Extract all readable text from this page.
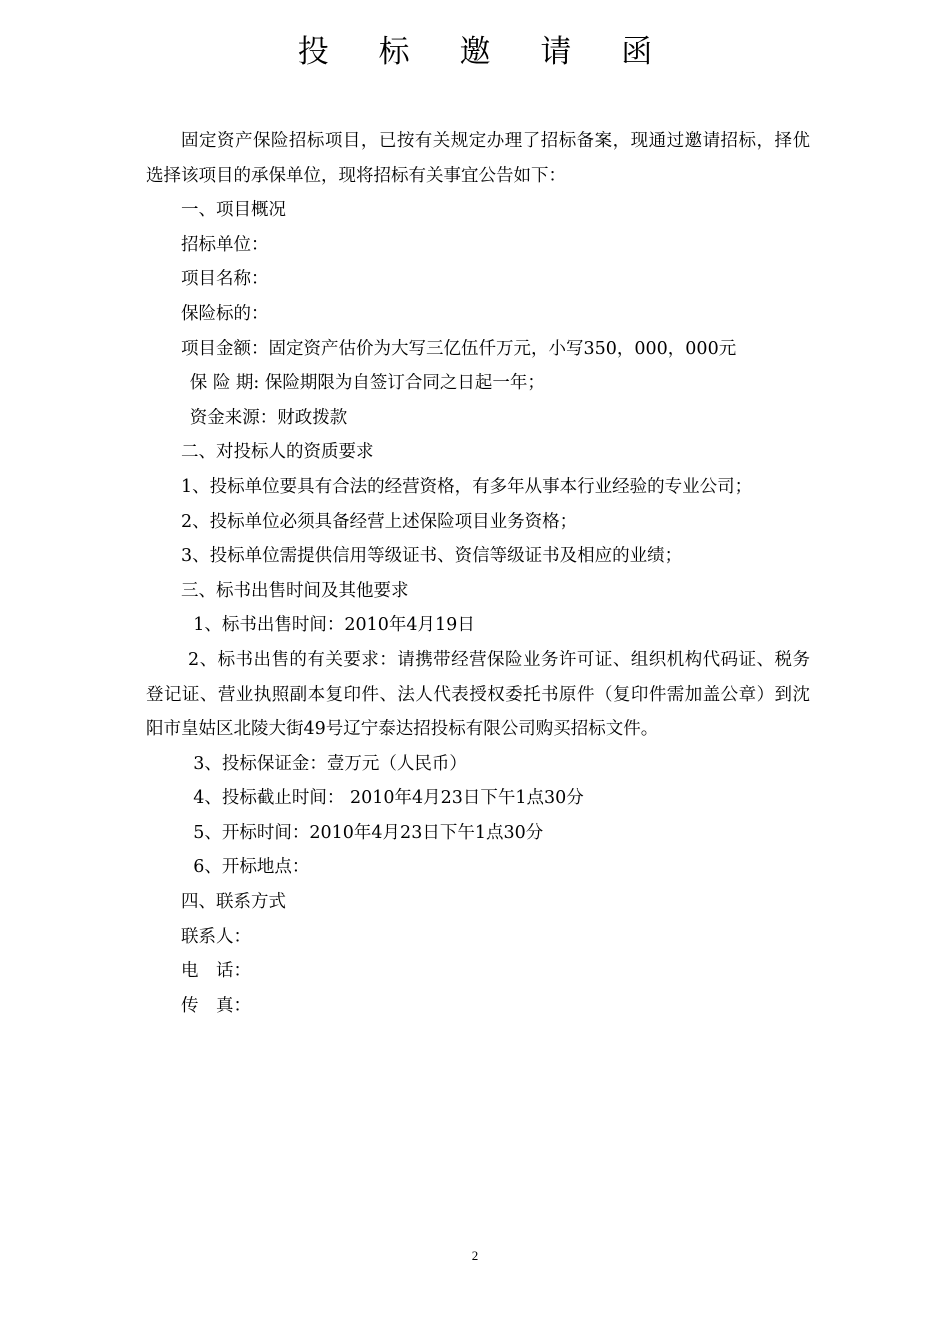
投 标 邀 请 函

固定资产保险招标项目，已按有关规定办理了招标备案，现通过邀请招标，择优选择该项目的承保单位，现将招标有关事宜公告如下：

一、项目概况

招标单位：

项目名称：

保险标的：

项目金额：固定资产估价为大写三亿伍仟万元，小写350，000，000元

保 险 期: 保险期限为自签订合同之日起一年；

资金来源：财政拨款

二、对投标人的资质要求

1、投标单位要具有合法的经营资格，有多年从事本行业经验的专业公司；

2、投标单位必须具备经营上述保险项目业务资格；

3、投标单位需提供信用等级证书、资信等级证书及相应的业绩；

三、标书出售时间及其他要求

1、标书出售时间：2010年4月19日

2、标书出售的有关要求：请携带经营保险业务许可证、组织机构代码证、税务登记证、营业执照副本复印件、法人代表授权委托书原件（复印件需加盖公章）到沈阳市皇姑区北陵大街49号辽宁泰达招投标有限公司购买招标文件。

3、投标保证金：壹万元（人民币）

4、投标截止时间： 2010年4月23日下午1点30分

5、开标时间：2010年4月23日下午1点30分

6、开标地点：

四、联系方式

联系人：

电　话：

传　真：

2
